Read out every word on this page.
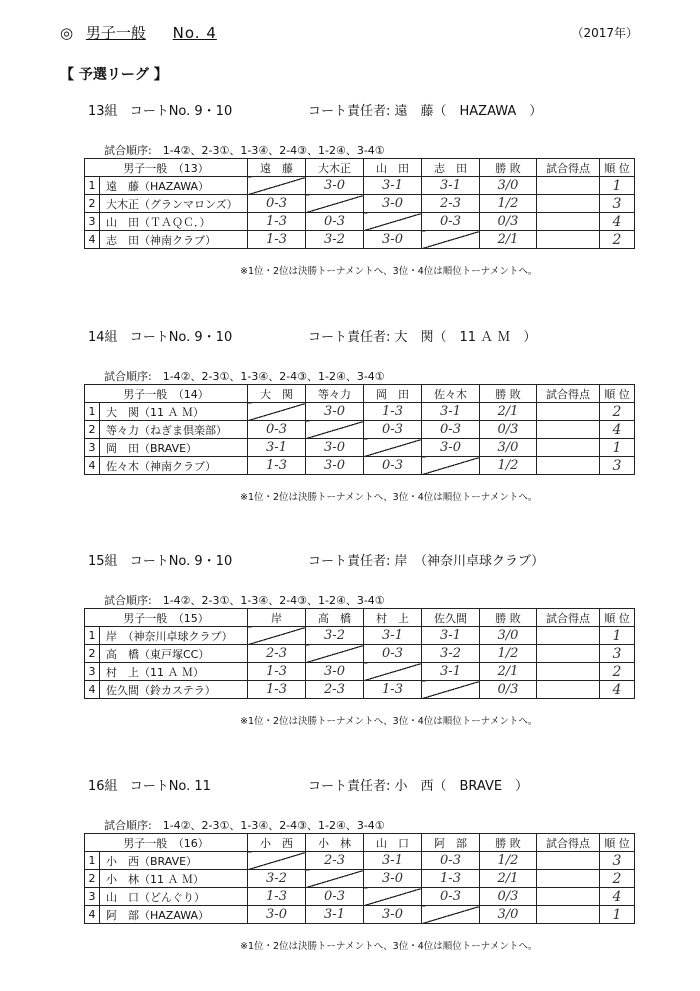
◎ 男子一般 No. 4	（2017年）
【 予選リーグ 】
13組 コートNo. 9・10	コート責任者: 遠　藤（　HAZAWA　）
試合順序:　1-4②、2-3①、1-3④、2-4③、1-2④、3-4①
男子一般　（13）		遠　藤	大木正	山　田	志　田	勝 敗	試合得点	順 位
1	遠　藤（HAZAWA）		3-0	3-1	3-1	3/0		1
2	大木正（グランマロンズ）	0-3		3-0	2-3	1/2		3
3	山　田（ＴＡＱＣ．）	1-3	0-3		0-3	0/3		4
4	志　田（神南クラブ）	1-3	3-2	3-0		2/1		2
※1位・2位は決勝トーナメントへ、3位・4位は順位トーナメントへ。
14組 コートNo. 9・10	コート責任者: 大　関（　11 Ａ Ｍ　）
試合順序:　1-4②、2-3①、1-3④、2-4③、1-2④、3-4①
男子一般　（14）		大　関	等々力	岡　田	佐々木	勝 敗	試合得点	順 位
1	大　関（11 Ａ Ｍ）		3-0	1-3	3-1	2/1		2
2	等々力（ねぎま倶楽部）	0-3		0-3	0-3	0/3		4
3	岡　田（BRAVE）	3-1	3-0		3-0	3/0		1
4	佐々木（神南クラブ）	1-3	3-0	0-3		1/2		3
※1位・2位は決勝トーナメントへ、3位・4位は順位トーナメントへ。
15組 コートNo. 9・10	コート責任者: 岸　（神奈川卓球クラブ）
試合順序:　1-4②、2-3①、1-3④、2-4③、1-2④、3-4①
男子一般　（15）		岸	高　橋	村　上	佐久間	勝 敗	試合得点	順 位
1	岸　（神奈川卓球クラブ）		3-2	3-1	3-1	3/0		1
2	高　橋（東戸塚CC）	2-3		0-3	3-2	1/2		3
3	村　上（11 Ａ Ｍ）	1-3	3-0		3-1	2/1		2
4	佐久間（鈴カステラ）	1-3	2-3	1-3		0/3		4
※1位・2位は決勝トーナメントへ、3位・4位は順位トーナメントへ。
16組 コートNo. 11	コート責任者: 小　西（　BRAVE　）
試合順序:　1-4②、2-3①、1-3④、2-4③、1-2④、3-4①
男子一般　（16）		小　西	小　林	山　口	阿　部	勝 敗	試合得点	順 位
1	小　西（BRAVE）		2-3	3-1	0-3	1/2		3
2	小　林（11 Ａ Ｍ）	3-2		3-0	1-3	2/1		2
3	山　口（どんぐり）	1-3	0-3		0-3	0/3		4
4	阿　部（HAZAWA）	3-0	3-1	3-0		3/0		1
※1位・2位は決勝トーナメントへ、3位・4位は順位トーナメントへ。
